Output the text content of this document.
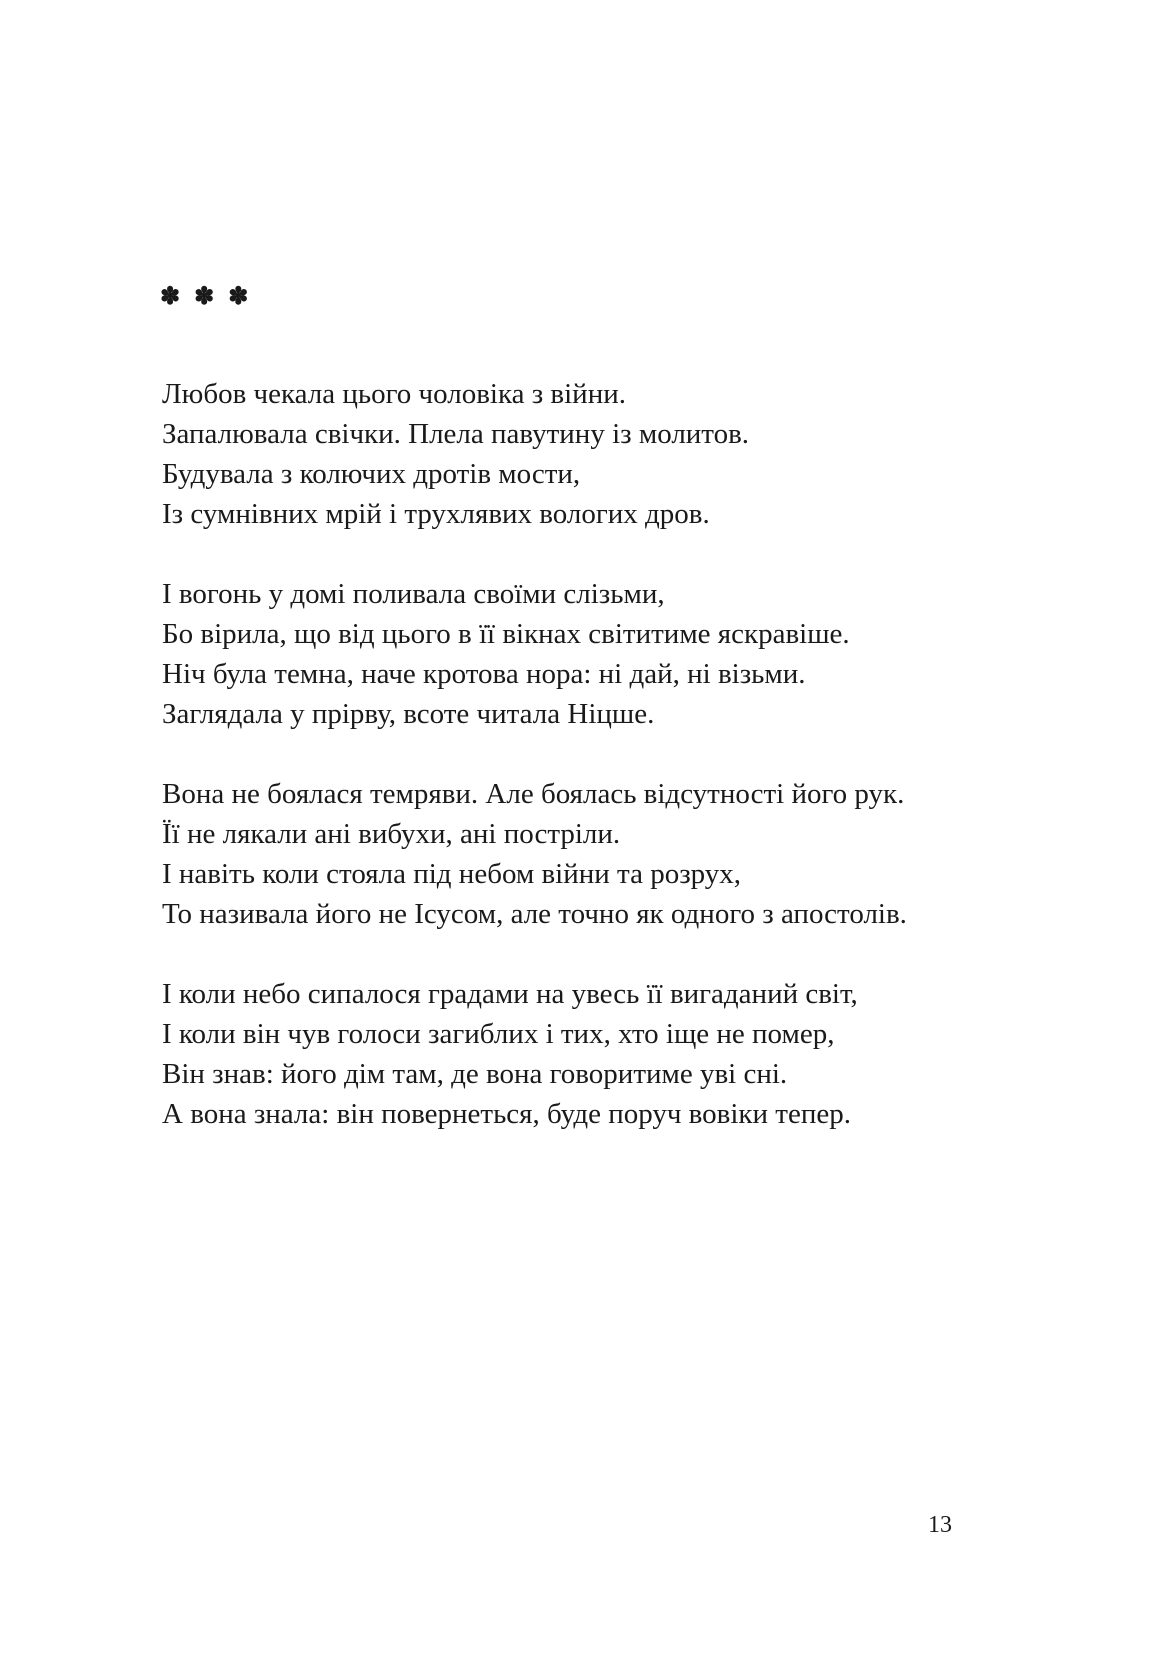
✽ ✽ ✽

Любов чекала цього чоловіка з війни.
Запалювала свічки. Плела павутину із молитов.
Будувала з колючих дротів мости,
Із сумнівних мрій і трухлявих вологих дров.

І вогонь у домі поливала своїми слізьми,
Бо вірила, що від цього в її вікнах світитиме яскравіше.
Ніч була темна, наче кротова нора: ні дай, ні візьми.
Заглядала у прірву, всоте читала Ніцше.

Вона не боялася темряви. Але боялась відсутності його рук.
Її не лякали ані вибухи, ані постріли.
І навіть коли стояла під небом війни та розрух,
То називала його не Ісусом, але точно як одного з апостолів.

І коли небо сипалося градами на увесь її вигаданий світ,
І коли він чув голоси загиблих і тих, хто іще не помер,
Він знав: його дім там, де вона говоритиме уві сні.
А вона знала: він повернеться, буде поруч вовіки тепер.

13
